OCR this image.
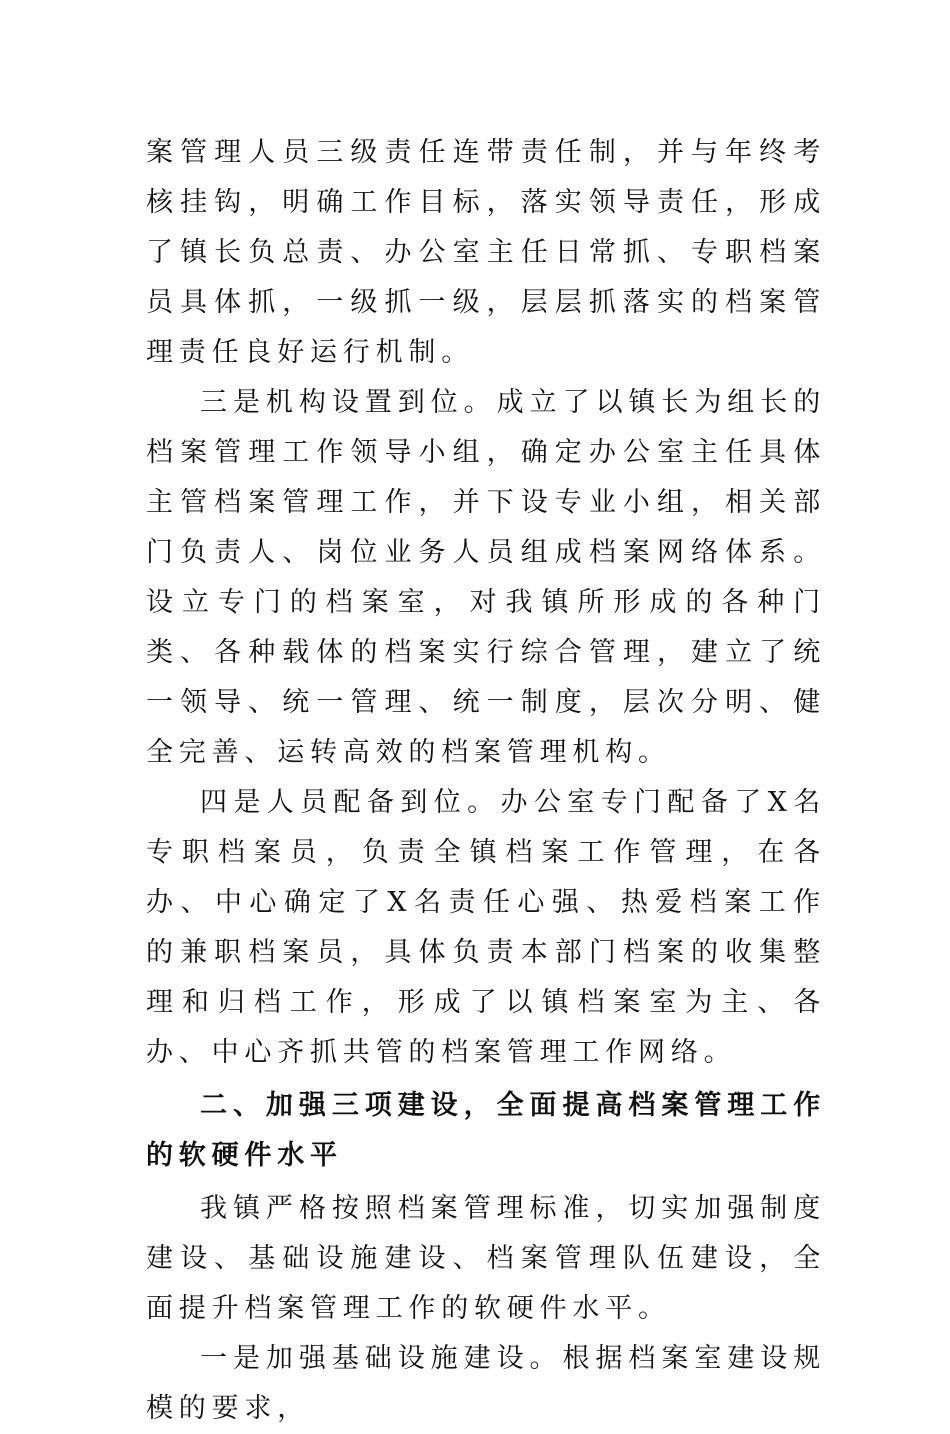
案管理人员三级责任连带责任制，并与年终考核挂钩，明确工作目标，落实领导责任，形成了镇长负总责、办公室主任日常抓、专职档案员具体抓，一级抓一级，层层抓落实的档案管理责任良好运行机制。

三是机构设置到位。成立了以镇长为组长的档案管理工作领导小组，确定办公室主任具体主管档案管理工作，并下设专业小组，相关部门负责人、岗位业务人员组成档案网络体系。设立专门的档案室，对我镇所形成的各种门类、各种载体的档案实行综合管理，建立了统一领导、统一管理、统一制度，层次分明、健全完善、运转高效的档案管理机构。

四是人员配备到位。办公室专门配备了X名专职档案员，负责全镇档案工作管理，在各办、中心确定了X名责任心强、热爱档案工作的兼职档案员，具体负责本部门档案的收集整理和归档工作，形成了以镇档案室为主、各办、中心齐抓共管的档案管理工作网络。

二、加强三项建设，全面提高档案管理工作的软硬件水平

我镇严格按照档案管理标准，切实加强制度建设、基础设施建设、档案管理队伍建设，全面提升档案管理工作的软硬件水平。

一是加强基础设施建设。根据档案室建设规模的要求，
